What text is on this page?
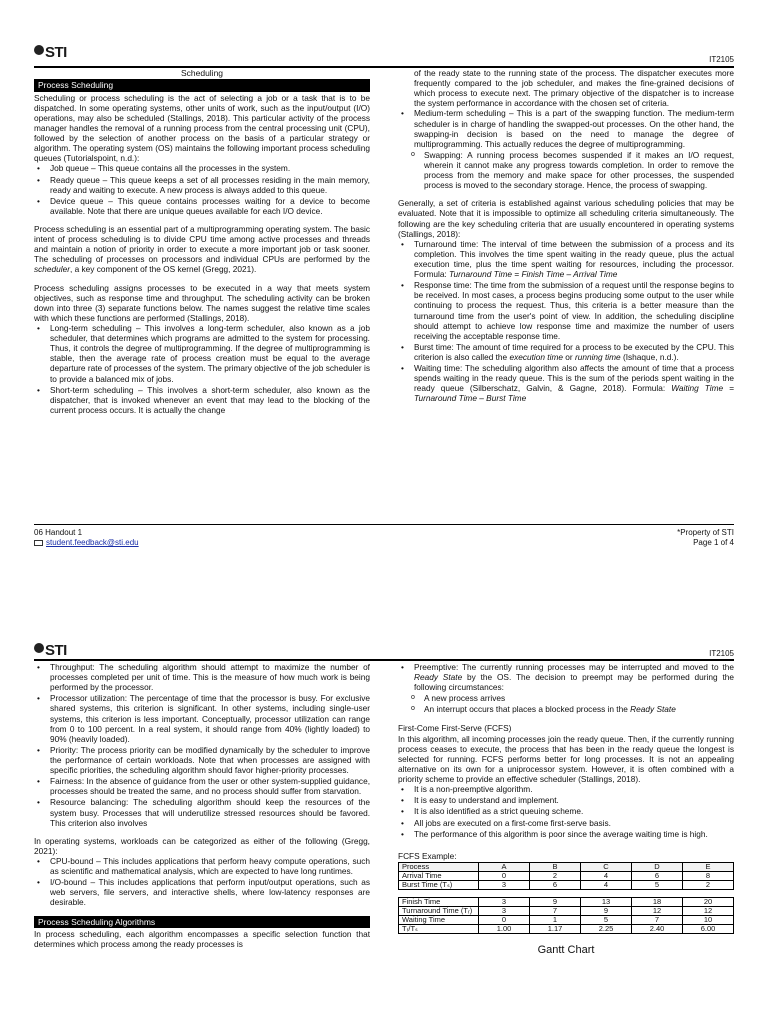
STI	IT2105
Scheduling
Process Scheduling

Scheduling or process scheduling is the act of selecting a job or a task that is to be dispatched. In some operating systems, other units of work, such as the input/output (I/O) operations, may also be scheduled (Stallings, 2018). This particular activity of the process manager handles the removal of a running process from the central processing unit (CPU), followed by the selection of another process on the basis of a particular strategy or algorithm. The operating system (OS) maintains the following important process scheduling queues (Tutorialspoint, n.d.):

• Job queue – This queue contains all the processes in the system.
• Ready queue – This queue keeps a set of all processes residing in the main memory, ready and waiting to execute. A new process is always added to this queue.
• Device queue – This queue contains processes waiting for a device to become available. Note that there are unique queues available for each I/O device.

Process scheduling is an essential part of a multiprogramming operating system. The basic intent of process scheduling is to divide CPU time among active processes and threads and maintain a notion of priority in order to execute a more important job or task sooner. The scheduling of processes on processors and individual CPUs are performed by the scheduler, a key component of the OS kernel (Gregg, 2021).

Process scheduling assigns processes to be executed in a way that meets system objectives, such as response time and throughput. The scheduling activity can be broken down into three (3) separate functions below. The names suggest the relative time scales with which these functions are performed (Stallings, 2018).

• Long-term scheduling – This involves a long-term scheduler, also known as a job scheduler, that determines which programs are admitted to the system for processing. Thus, it controls the degree of multiprogramming. If the degree of multiprogramming is stable, then the average rate of process creation must be equal to the average departure rate of processes of the system. The primary objective of the job scheduler is to provide a balanced mix of jobs.
• Short-term scheduling – This involves a short-term scheduler, also known as the dispatcher, that is invoked whenever an event that may lead to the blocking of the current process occurs. It is actually the change

of the ready state to the running state of the process. The dispatcher executes more frequently compared to the job scheduler, and makes the fine-grained decisions of which process to execute next. The primary objective of the dispatcher is to increase the system performance in accordance with the chosen set of criteria.

• Medium-term scheduling – This is a part of the swapping function. The medium-term scheduler is in charge of handling the swapped-out processes. On the other hand, the swapping-in decision is based on the need to manage the degree of multiprogramming. This actually reduces the degree of multiprogramming.
o Swapping: A running process becomes suspended if it makes an I/O request, wherein it cannot make any progress towards completion. In order to remove the process from the memory and make space for other processes, the suspended process is moved to the secondary storage. Hence, the process of swapping.

Generally, a set of criteria is established against various scheduling policies that may be evaluated. Note that it is impossible to optimize all scheduling criteria simultaneously. The following are the key scheduling criteria that are usually encountered in operating systems (Stallings, 2018):

• Turnaround time: The interval of time between the submission of a process and its completion. This involves the time spent waiting in the ready queue, plus the actual execution time, plus the time spent waiting for resources, including the processor. Formula: Turnaround Time = Finish Time – Arrival Time
• Response time: The time from the submission of a request until the response begins to be received. In most cases, a process begins producing some output to the user while continuing to process the request. Thus, this criteria is a better measure than the turnaround time from the user's point of view. In addition, the scheduling discipline should attempt to achieve low response time and maximize the number of users receiving the acceptable response time.
• Burst time: The amount of time required for a process to be executed by the CPU. This criterion is also called the execution time or running time (Ishaque, n.d.).
• Waiting time: The scheduling algorithm also affects the amount of time that a process spends waiting in the ready queue. This is the sum of the periods spent waiting in the ready queue (Silberschatz, Galvin, & Gagne, 2018). Formula: Waiting Time = Turnaround Time – Burst Time
06 Handout 1	*Property of STI
student.feedback@sti.edu	Page 1 of 4
STI	IT2105
• Throughput: The scheduling algorithm should attempt to maximize the number of processes completed per unit of time. This is the measure of how much work is being performed by the processor.
• Processor utilization: The percentage of time that the processor is busy. For exclusive shared systems, this criterion is significant. In other systems, including single-user systems, this criterion is less important. Conceptually, processor utilization can range from 0 to 100 percent. In a real system, it should range from 40% (lightly loaded) to 90% (heavily loaded).
• Priority: The process priority can be modified dynamically by the scheduler to improve the performance of certain workloads. Note that when processes are assigned with specific priorities, the scheduling algorithm should favor higher-priority processes.
• Fairness: In the absence of guidance from the user or other system-supplied guidance, processes should be treated the same, and no process should suffer from starvation.
• Resource balancing: The scheduling algorithm should keep the resources of the system busy. Processes that will underutilize stressed resources should be favored. This criterion also involves

In operating systems, workloads can be categorized as either of the following (Gregg, 2021):

• CPU-bound – This includes applications that perform heavy compute operations, such as scientific and mathematical analysis, which are expected to have long runtimes.
• I/O-bound – This includes applications that perform input/output operations, such as web servers, file servers, and interactive shells, where low-latency responses are desirable.
Process Scheduling Algorithms

In process scheduling, each algorithm encompasses a specific selection function that determines which process among the ready processes is

• Preemptive: The currently running processes may be interrupted and moved to the Ready State by the OS. The decision to preempt may be performed during the following circumstances:
o A new process arrives
o An interrupt occurs that places a blocked process in the Ready State
First-Come First-Serve (FCFS)

In this algorithm, all incoming processes join the ready queue. Then, if the currently running process ceases to execute, the process that has been in the ready queue the longest is selected for running. FCFS performs better for long processes. It is not an appealing alternative on its own for a uniprocessor system. However, it is often combined with a priority scheme to provide an effective scheduler (Stallings, 2018).

• It is a non-preemptive algorithm.
• It is easy to understand and implement.
• It is also identified as a strict queuing scheme.
• All jobs are executed on a first-come first-serve basis.
• The performance of this algorithm is poor since the average waiting time is high.
FCFS Example:
Process	A	B	C	D	E
Arrival Time	0	2	4	6	8
Burst Time (Tₛ)	3	6	4	5	2

Finish Time	3	9	13	18	20
Turnaround Time (Tᵣ)	3	7	9	12	12
Waiting Time	0	1	5	7	10
Tᵣ/Tₛ	1.00	1.17	2.25	2.40	6.00
Gantt Chart
